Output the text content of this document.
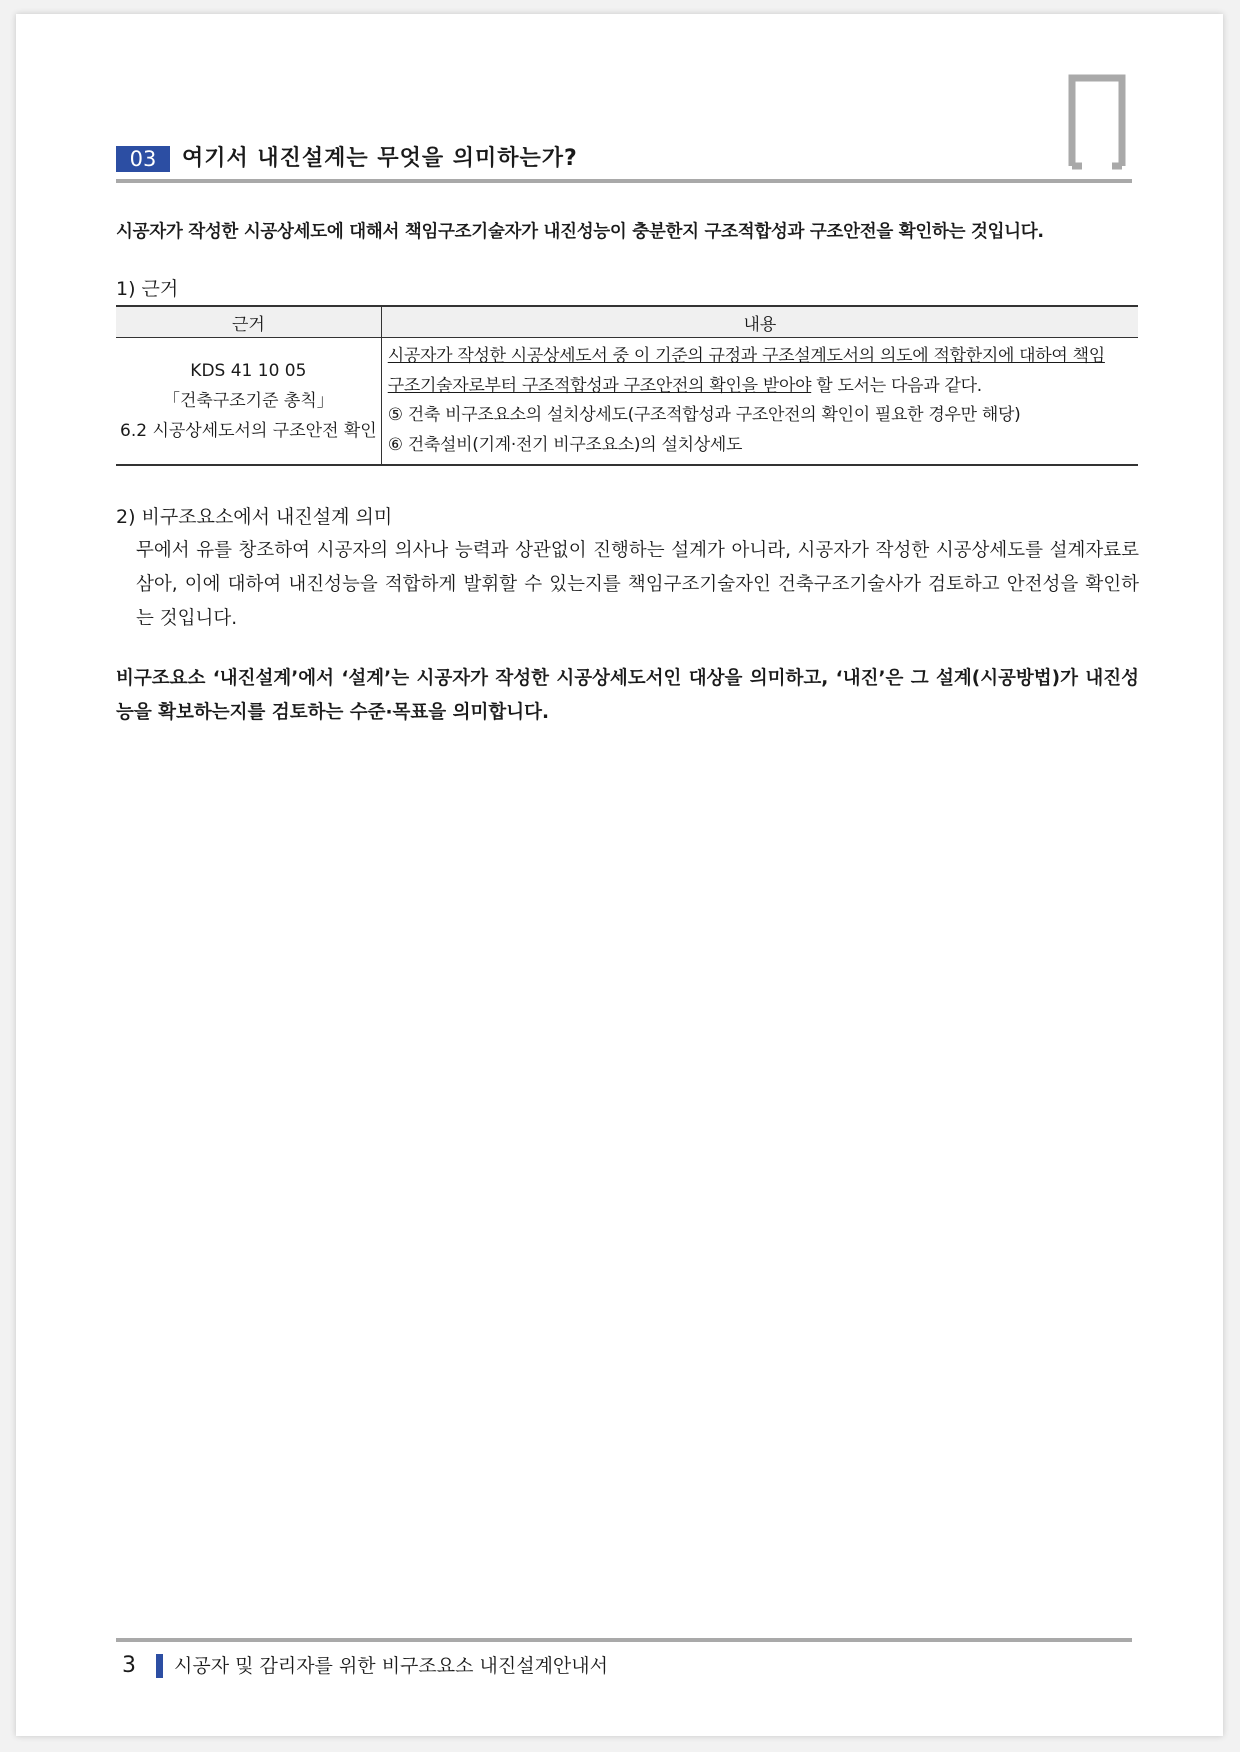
03	여기서 내진설계는 무엇을 의미하는가?
시공자가 작성한 시공상세도에 대해서 책임구조기술자가 내진성능이 충분한지 구조적합성과 구조안전을 확인하는 것입니다.
1) 근거
근거	내용

KDS 41 10 05
「건축구조기준 총칙」
6.2 시공상세도서의 구조안전 확인	시공자가 작성한 시공상세도서 중 이 기준의 규정과 구조설계도서의 의도에 적합한지에 대하여 책임
구조기술자로부터 구조적합성과 구조안전의 확인을 받아야 할 도서는 다음과 같다.
⑤ 건축 비구조요소의 설치상세도(구조적합성과 구조안전의 확인이 필요한 경우만 해당)
⑥ 건축설비(기계·전기 비구조요소)의 설치상세도
2) 비구조요소에서 내진설계 의미
무에서 유를 창조하여 시공자의 의사나 능력과 상관없이 진행하는 설계가 아니라, 시공자가 작성한 시공상세도를 설계자료로 삼아, 이에 대하여 내진성능을 적합하게 발휘할 수 있는지를 책임구조기술자인 건축구조기술사가 검토하고 안전성을 확인하는 것입니다.
비구조요소 ‘내진설계’에서 ‘설계’는 시공자가 작성한 시공상세도서인 대상을 의미하고, ‘내진’은 그 설계(시공방법)가 내진성능을 확보하는지를 검토하는 수준·목표을 의미합니다.
3 시공자 및 감리자를 위한 비구조요소 내진설계안내서
